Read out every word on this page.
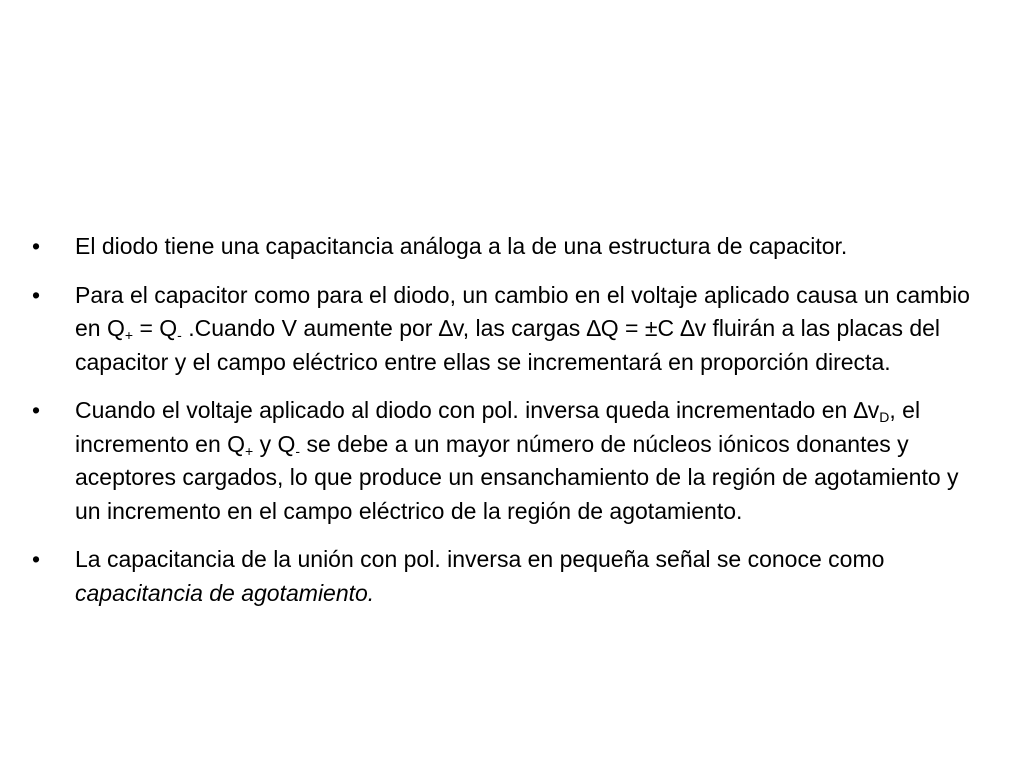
•	El diodo tiene una capacitancia análoga a la de una estructura de capacitor.
•	Para el capacitor como para el diodo, un cambio en el voltaje aplicado causa un cambio en $Q_+ = Q_-$ .Cuando V aumente por ∆v, las cargas ∆Q = ±C ∆v fluirán a las placas del capacitor y el campo eléctrico entre ellas se incrementará en proporción directa.
•	Cuando el voltaje aplicado al diodo con pol. inversa queda incrementado en $\Delta v_D$, el incremento en $Q_+$ y $Q_-$ se debe a un mayor número de núcleos iónicos donantes y aceptores cargados, lo que produce un ensanchamiento de la región de agotamiento y un incremento en el campo eléctrico de la región de agotamiento.
•	La capacitancia de la unión con pol. inversa en pequeña señal se conoce como capacitancia de agotamiento.
